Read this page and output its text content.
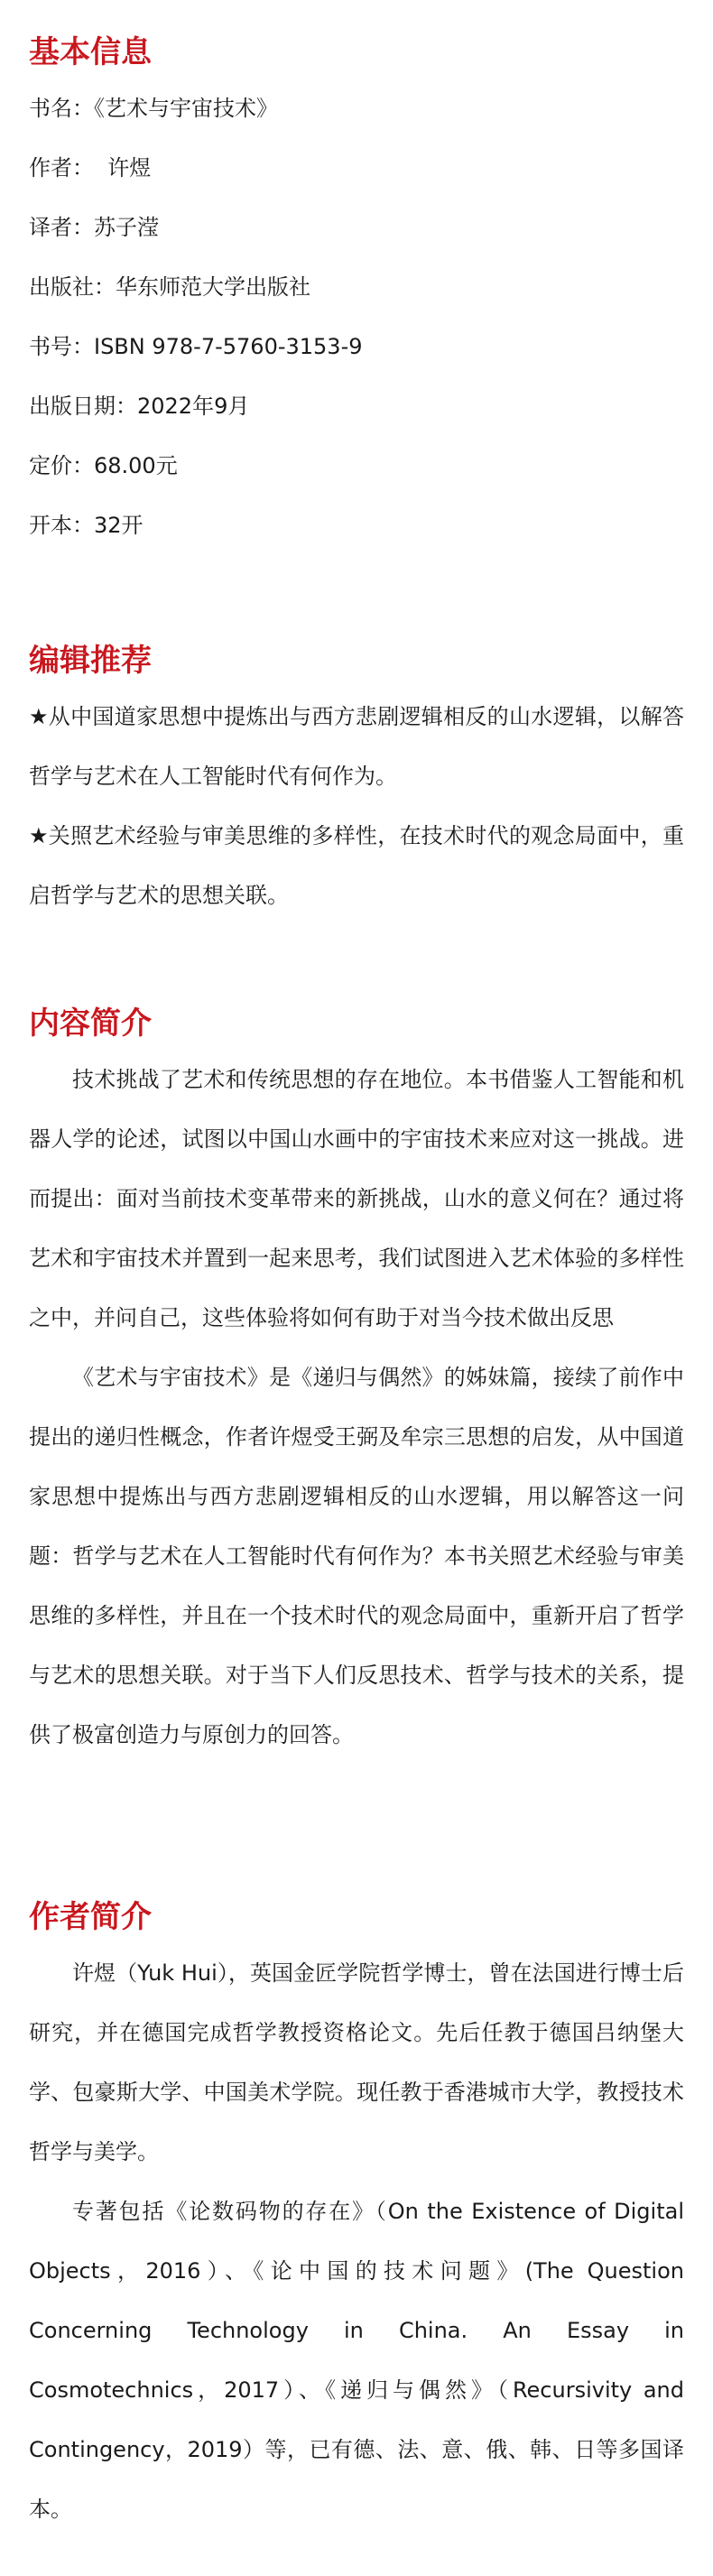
基本信息
书名：《艺术与宇宙技术》
作者：  许煜
译者：苏子滢
出版社：华东师范大学出版社
书号：ISBN 978-7-5760-3153-9
出版日期：2022年9月
定价：68.00元
开本：32开
编辑推荐

★从中国道家思想中提炼出与西方悲剧逻辑相反的山水逻辑，以解答哲学与艺术在人工智能时代有何作为。

★关照艺术经验与审美思维的多样性，在技术时代的观念局面中，重启哲学与艺术的思想关联。

内容简介

技术挑战了艺术和传统思想的存在地位。本书借鉴人工智能和机器人学的论述，试图以中国山水画中的宇宙技术来应对这一挑战。进而提出：面对当前技术变革带来的新挑战，山水的意义何在？通过将艺术和宇宙技术并置到一起来思考，我们试图进入艺术体验的多样性之中，并问自己，这些体验将如何有助于对当今技术做出反思

《艺术与宇宙技术》是《递归与偶然》的姊妹篇，接续了前作中提出的递归性概念，作者许煜受王弼及牟宗三思想的启发，从中国道家思想中提炼出与西方悲剧逻辑相反的山水逻辑，用以解答这一问题：哲学与艺术在人工智能时代有何作为？本书关照艺术经验与审美思维的多样性，并且在一个技术时代的观念局面中，重新开启了哲学与艺术的思想关联。对于当下人们反思技术、哲学与技术的关系，提供了极富创造力与原创力的回答。

作者简介

许煜（Yuk Hui），英国金匠学院哲学博士，曾在法国进行博士后研究，并在德国完成哲学教授资格论文。先后任教于德国吕纳堡大学、包豪斯大学、中国美术学院。现任教于香港城市大学，教授技术哲学与美学。

专著包括《论数码物的存在》（On the Existence of Digital Objects，2016）、《论中国的技术问题》(The Question Concerning Technology in China. An Essay in Cosmotechnics，2017）、《递归与偶然》（Recursivity and Contingency，2019）等，已有德、法、意、俄、韩、日等多国译本。
